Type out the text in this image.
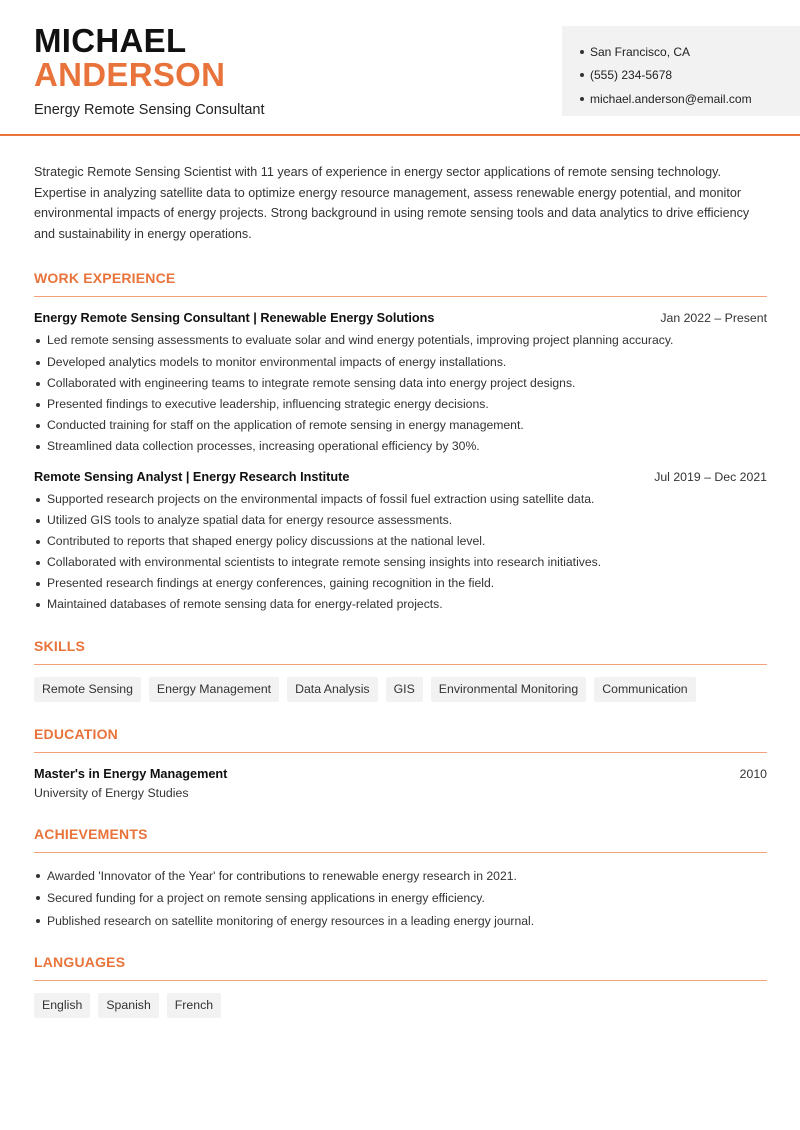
MICHAEL
ANDERSON
Energy Remote Sensing Consultant
San Francisco, CA
(555) 234-5678
michael.anderson@email.com

Strategic Remote Sensing Scientist with 11 years of experience in energy sector applications of remote sensing technology. Expertise in analyzing satellite data to optimize energy resource management, assess renewable energy potential, and monitor environmental impacts of energy projects. Strong background in using remote sensing tools and data analytics to drive efficiency and sustainability in energy operations.

WORK EXPERIENCE
Energy Remote Sensing Consultant | Renewable Energy Solutions	Jan 2022 – Present
Led remote sensing assessments to evaluate solar and wind energy potentials, improving project planning accuracy.
Developed analytics models to monitor environmental impacts of energy installations.
Collaborated with engineering teams to integrate remote sensing data into energy project designs.
Presented findings to executive leadership, influencing strategic energy decisions.
Conducted training for staff on the application of remote sensing in energy management.
Streamlined data collection processes, increasing operational efficiency by 30%.
Remote Sensing Analyst | Energy Research Institute	Jul 2019 – Dec 2021
Supported research projects on the environmental impacts of fossil fuel extraction using satellite data.
Utilized GIS tools to analyze spatial data for energy resource assessments.
Contributed to reports that shaped energy policy discussions at the national level.
Collaborated with environmental scientists to integrate remote sensing insights into research initiatives.
Presented research findings at energy conferences, gaining recognition in the field.
Maintained databases of remote sensing data for energy-related projects.
SKILLS
Remote Sensing	Energy Management	Data Analysis	GIS	Environmental Monitoring	Communication
EDUCATION
Master's in Energy Management	2010
University of Energy Studies
ACHIEVEMENTS
Awarded 'Innovator of the Year' for contributions to renewable energy research in 2021.
Secured funding for a project on remote sensing applications in energy efficiency.
Published research on satellite monitoring of energy resources in a leading energy journal.
LANGUAGES
English	Spanish	French
